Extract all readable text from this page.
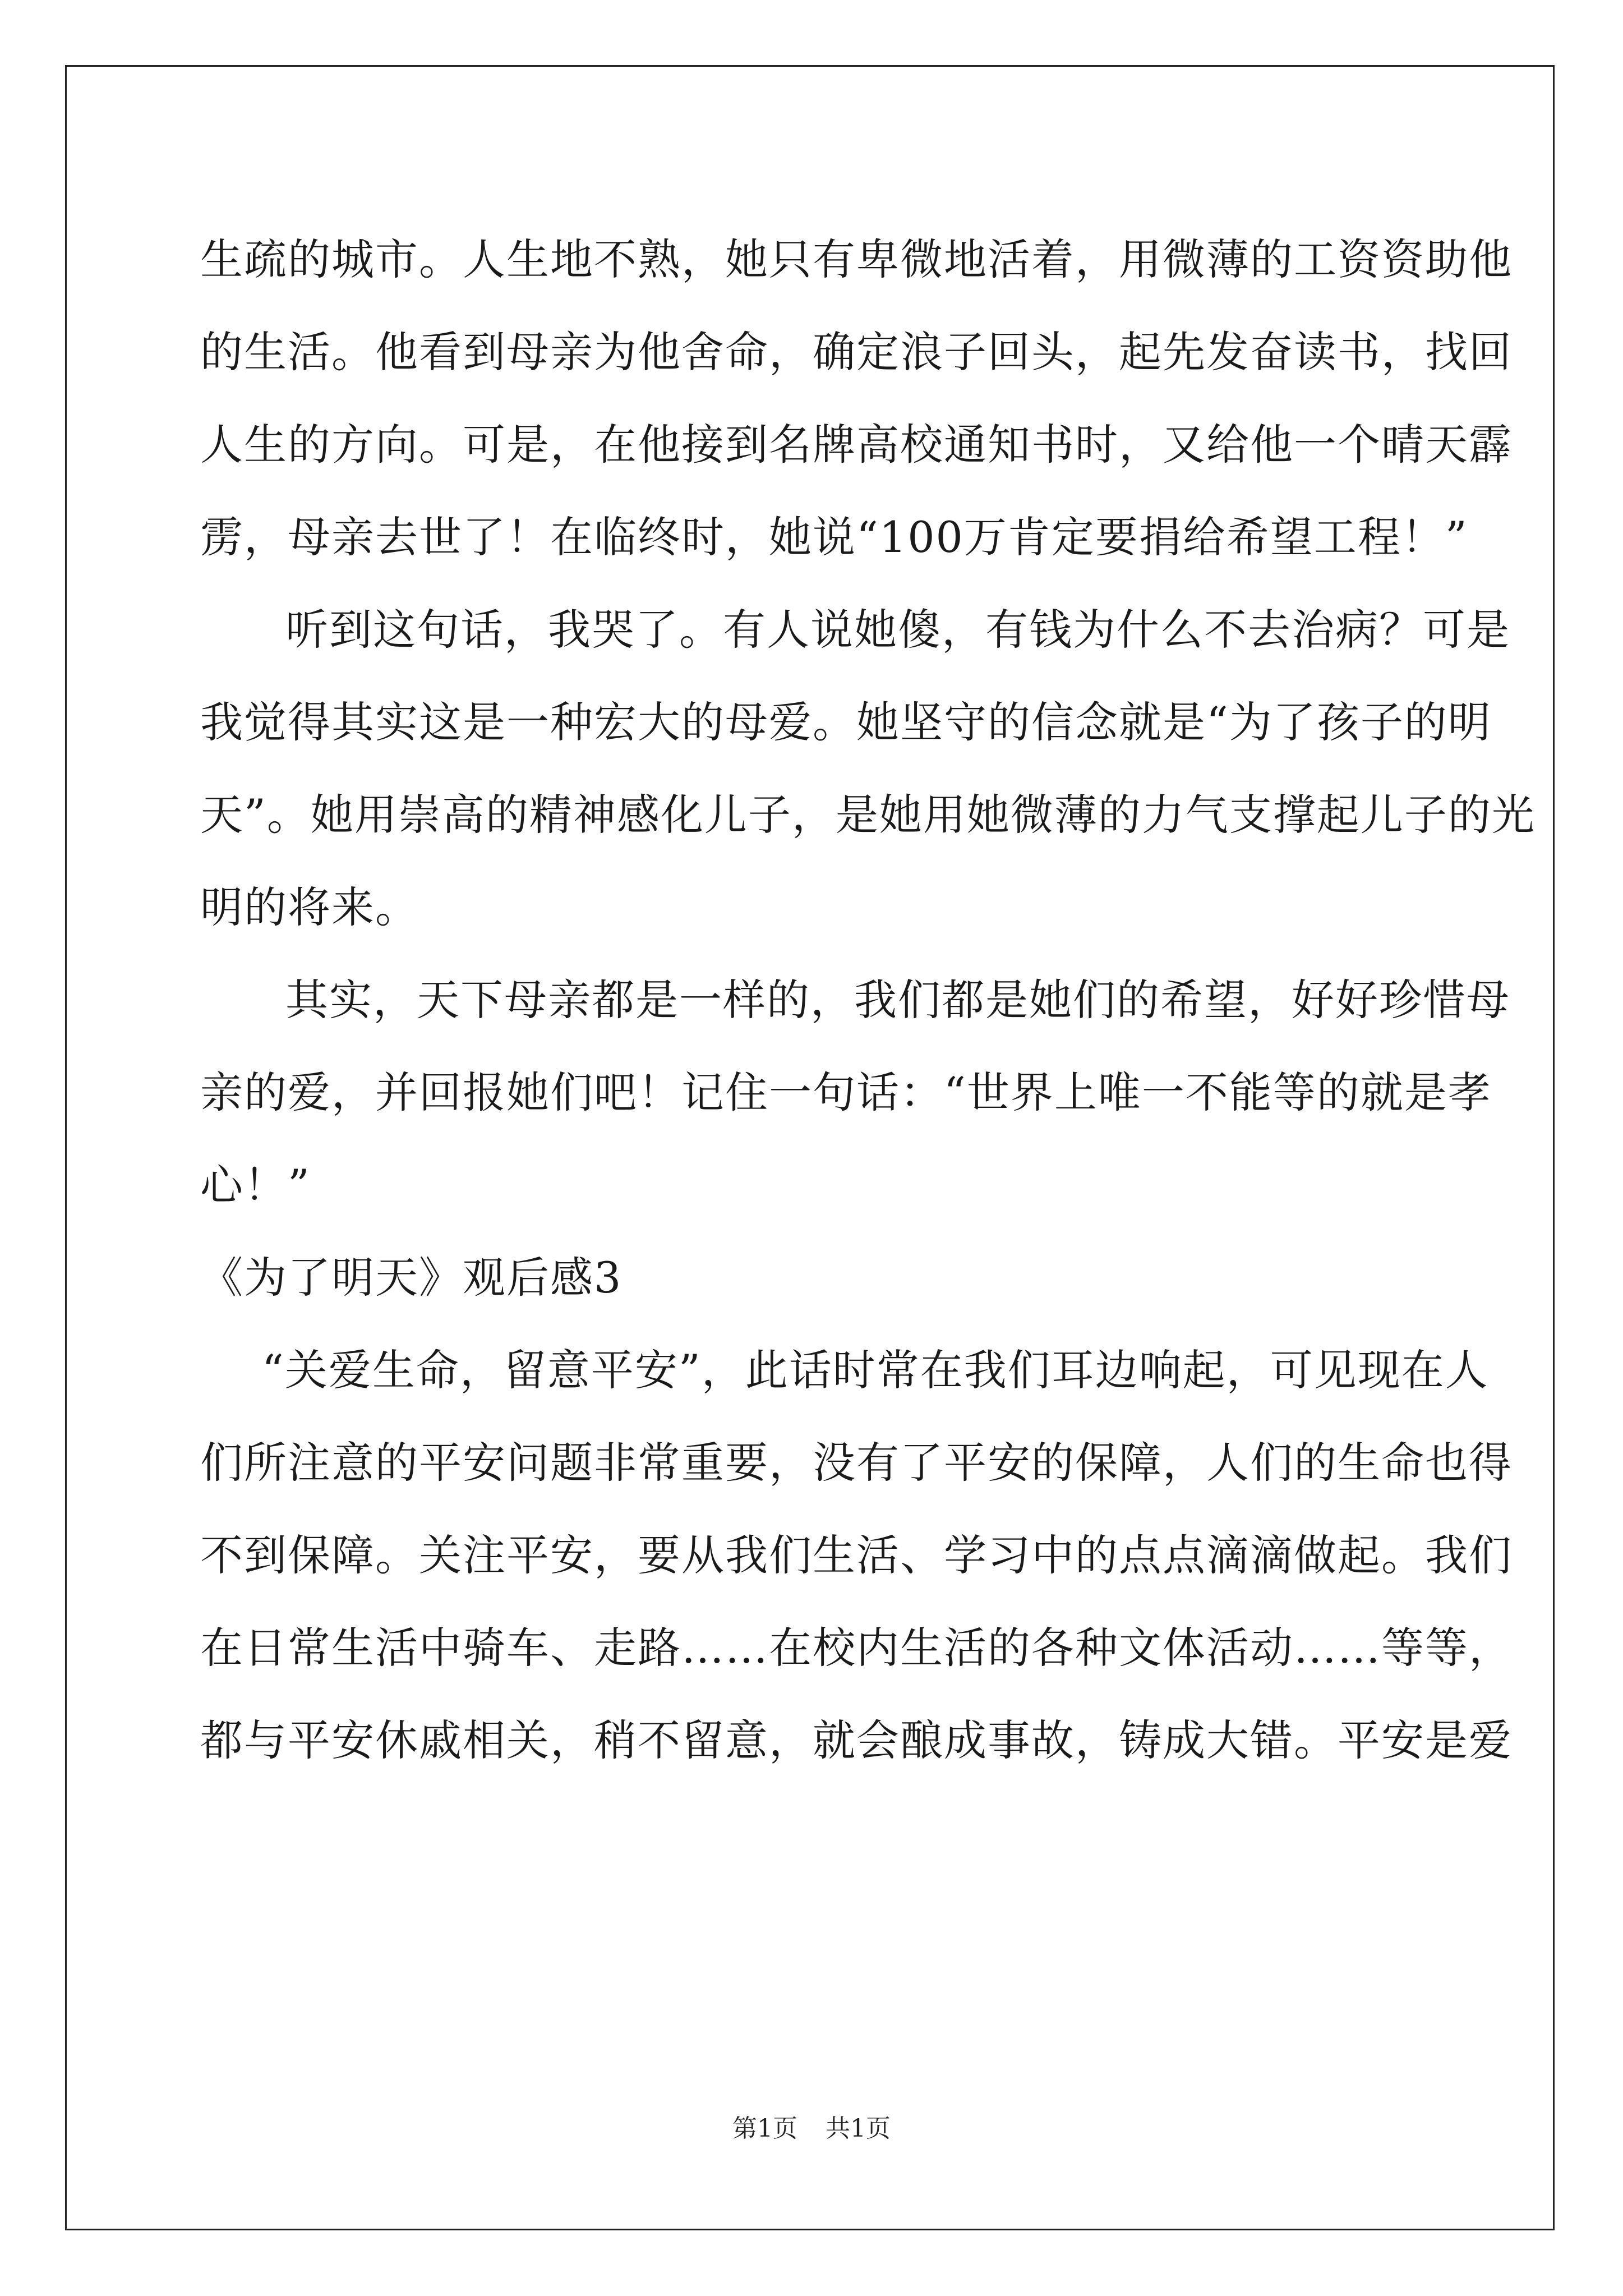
生疏的城市。人生地不熟，她只有卑微地活着，用微薄的工资资助他
的生活。他看到母亲为他舍命，确定浪子回头，起先发奋读书，找回
人生的方向。可是，在他接到名牌高校通知书时，又给他一个晴天霹
雳，母亲去世了！在临终时，她说“100万肯定要捐给希望工程！”
听到这句话，我哭了。有人说她傻，有钱为什么不去治病？可是
我觉得其实这是一种宏大的母爱。她坚守的信念就是“为了孩子的明
天”。她用崇高的精神感化儿子，是她用她微薄的力气支撑起儿子的光
明的将来。
其实，天下母亲都是一样的，我们都是她们的希望，好好珍惜母
亲的爱，并回报她们吧！记住一句话：“世界上唯一不能等的就是孝
心！”
《为了明天》观后感3
“关爱生命，留意平安”，此话时常在我们耳边响起，可见现在人
们所注意的平安问题非常重要，没有了平安的保障，人们的生命也得
不到保障。关注平安，要从我们生活、学习中的点点滴滴做起。我们
在日常生活中骑车、走路……在校内生活的各种文体活动……等等，
都与平安休戚相关，稍不留意，就会酿成事故，铸成大错。平安是爱
第1页 共1页
